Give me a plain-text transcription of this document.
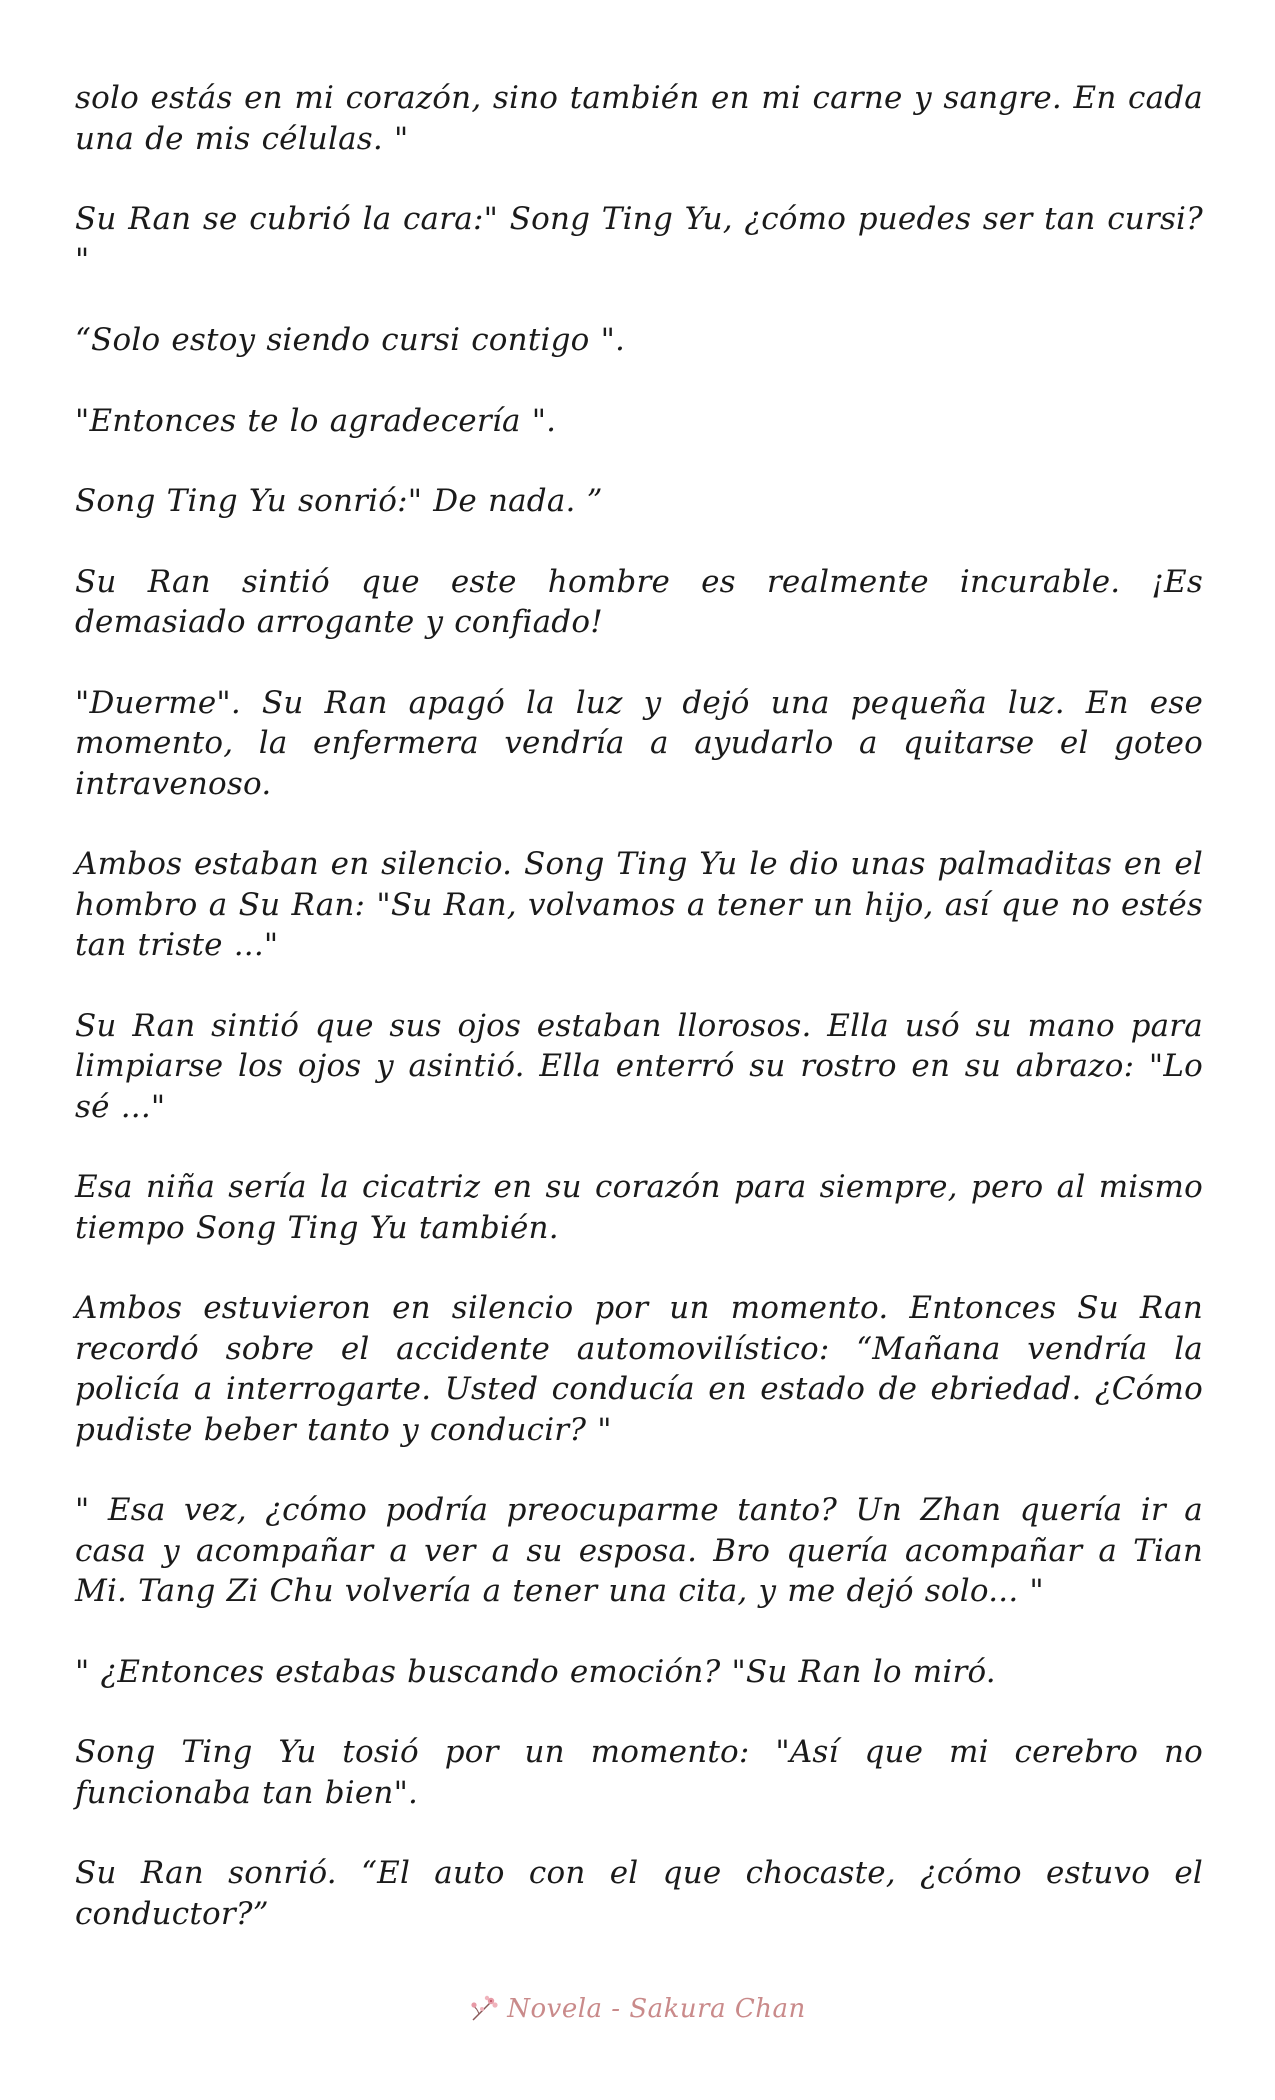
solo estás en mi corazón, sino también en mi carne y sangre. En cada una de mis células. "

Su Ran se cubrió la cara:" Song Ting Yu, ¿cómo puedes ser tan cursi? "

“Solo estoy siendo cursi contigo ".

"Entonces te lo agradecería ".

Song Ting Yu sonrió:" De nada. ”

Su Ran sintió que este hombre es realmente incurable. ¡Es demasiado arrogante y confiado!

"Duerme". Su Ran apagó la luz y dejó una pequeña luz. En ese momento, la enfermera vendría a ayudarlo a quitarse el goteo intravenoso.

Ambos estaban en silencio. Song Ting Yu le dio unas palmaditas en el hombro a Su Ran: "Su Ran, volvamos a tener un hijo, así que no estés tan triste ..."

Su Ran sintió que sus ojos estaban llorosos. Ella usó su mano para limpiarse los ojos y asintió. Ella enterró su rostro en su abrazo: "Lo sé ..."

Esa niña sería la cicatriz en su corazón para siempre, pero al mismo tiempo Song Ting Yu también.

Ambos estuvieron en silencio por un momento. Entonces Su Ran recordó sobre el accidente automovilístico: “Mañana vendría la policía a interrogarte. Usted conducía en estado de ebriedad. ¿Cómo pudiste beber tanto y conducir? "

" Esa vez, ¿cómo podría preocuparme tanto? Un Zhan quería ir a casa y acompañar a ver a su esposa. Bro quería acompañar a Tian Mi. Tang Zi Chu volvería a tener una cita, y me dejó solo... "

" ¿Entonces estabas buscando emoción? "Su Ran lo miró.

Song Ting Yu tosió por un momento: "Así que mi cerebro no funcionaba tan bien".

Su Ran sonrió. “El auto con el que chocaste, ¿cómo estuvo el conductor?”

Novela - Sakura Chan
